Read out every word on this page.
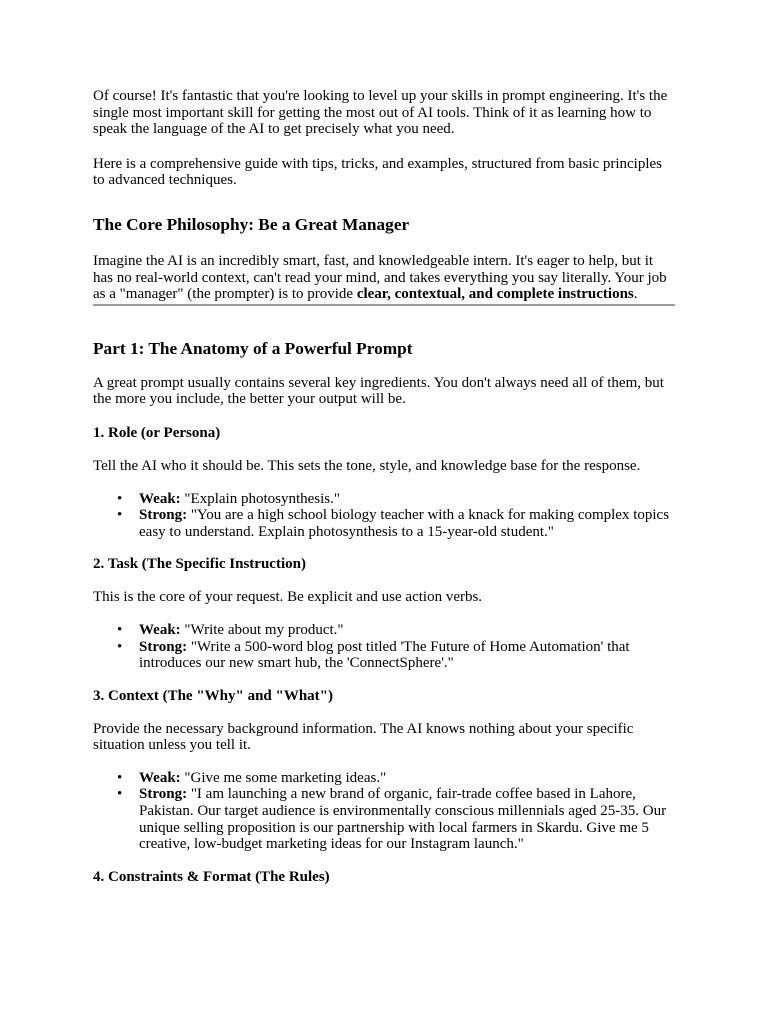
Of course! It's fantastic that you're looking to level up your skills in prompt engineering. It's the single most important skill for getting the most out of AI tools. Think of it as learning how to speak the language of the AI to get precisely what you need.

Here is a comprehensive guide with tips, tricks, and examples, structured from basic principles to advanced techniques.

The Core Philosophy: Be a Great Manager

Imagine the AI is an incredibly smart, fast, and knowledgeable intern. It's eager to help, but it has no real-world context, can't read your mind, and takes everything you say literally. Your job as a "manager" (the prompter) is to provide clear, contextual, and complete instructions.

Part 1: The Anatomy of a Powerful Prompt

A great prompt usually contains several key ingredients. You don't always need all of them, but the more you include, the better your output will be.

1. Role (or Persona)

Tell the AI who it should be. This sets the tone, style, and knowledge base for the response.

• Weak: "Explain photosynthesis."
• Strong: "You are a high school biology teacher with a knack for making complex topics easy to understand. Explain photosynthesis to a 15-year-old student."
2. Task (The Specific Instruction)

This is the core of your request. Be explicit and use action verbs.

• Weak: "Write about my product."
• Strong: "Write a 500-word blog post titled 'The Future of Home Automation' that introduces our new smart hub, the 'ConnectSphere'."
3. Context (The "Why" and "What")

Provide the necessary background information. The AI knows nothing about your specific situation unless you tell it.

• Weak: "Give me some marketing ideas."
• Strong: "I am launching a new brand of organic, fair-trade coffee based in Lahore, Pakistan. Our target audience is environmentally conscious millennials aged 25-35. Our unique selling proposition is our partnership with local farmers in Skardu. Give me 5 creative, low-budget marketing ideas for our Instagram launch."
4. Constraints & Format (The Rules)
